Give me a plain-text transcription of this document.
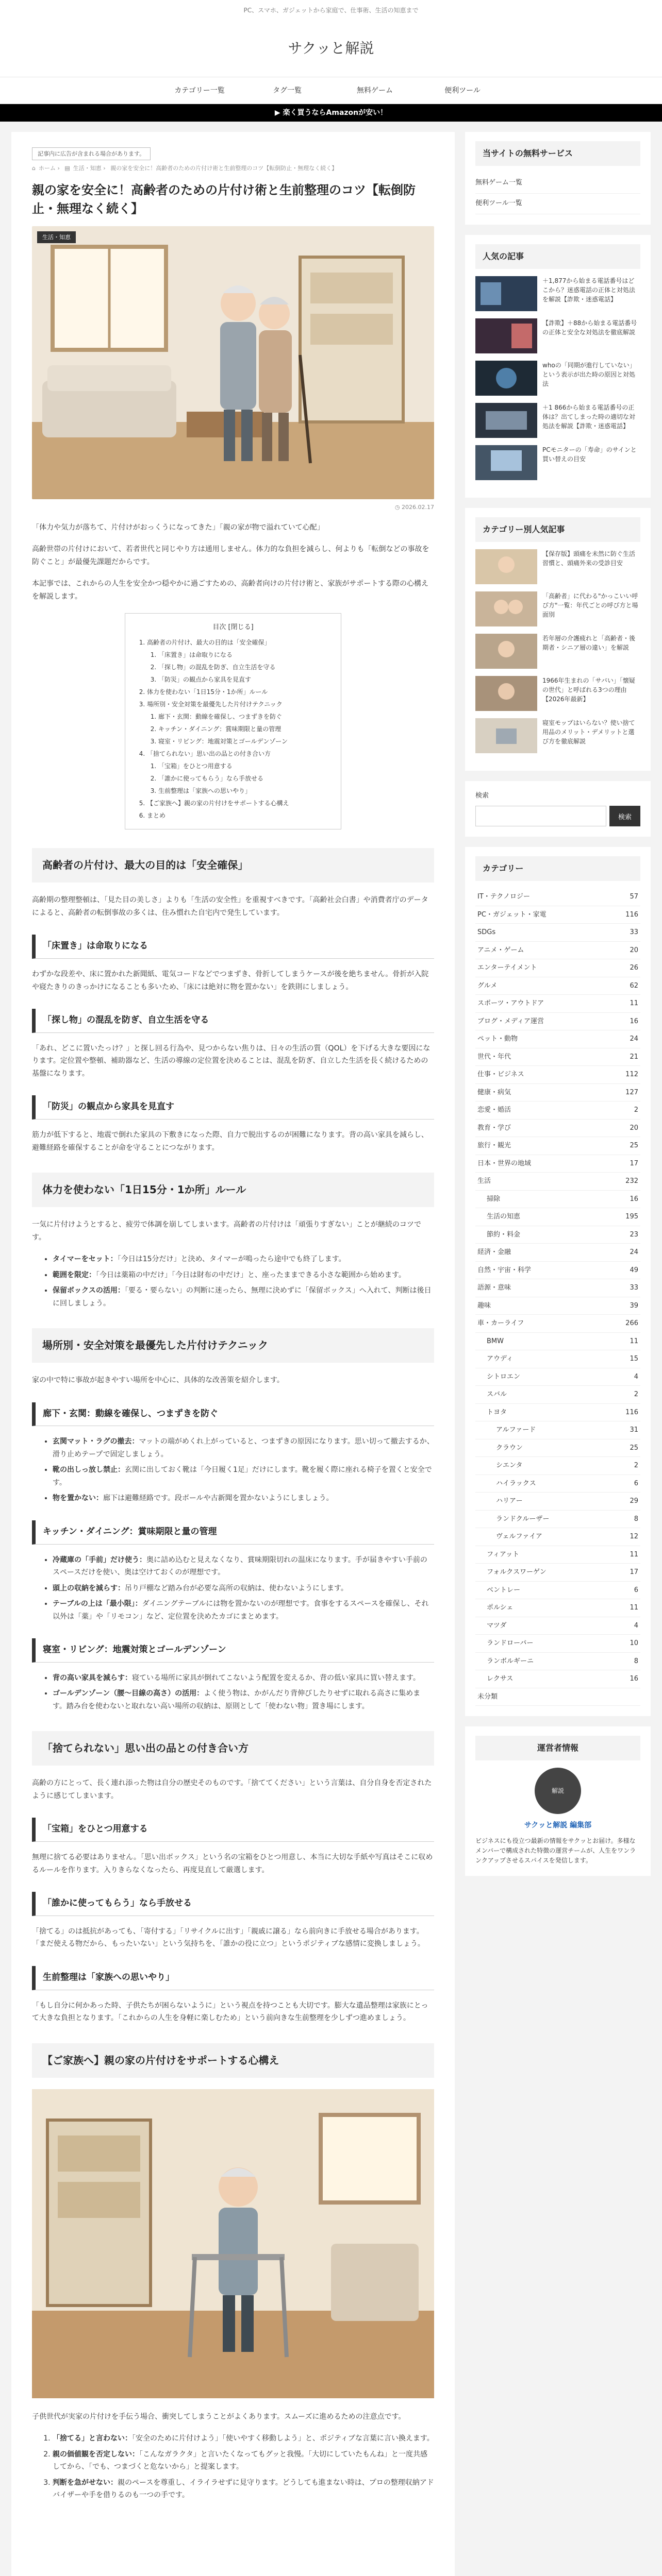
PC、スマホ、ガジェットから家庭で、仕事術、生活の知恵まで
サクッと解説
カテゴリー一覧	タグ一覧	無料ゲーム	便利ツール
▶ 楽く買うならAmazonが安い！
記事内に広告が含まれる場合があります。
⌂ ホーム › ▤ 生活・知恵 › 親の家を安全に！高齢者のための片付け術と生前整理のコツ【転倒防止・無理なく続く】
親の家を安全に！高齢者のための片付け術と生前整理のコツ【転倒防止・無理なく続く】
生活・知恵
◷ 2026.02.17

「体力や気力が落ちて、片付けがおっくうになってきた」「親の家が物で溢れていて心配」

高齢世帯の片付けにおいて、若者世代と同じやり方は通用しません。体力的な負担を減らし、何よりも「転倒などの事故を防ぐこと」が最優先課題だからです。

本記事では、これからの人生を安全かつ穏やかに過ごすための、高齢者向けの片付け術と、家族がサポートする際の心構えを解説します。

目次 [閉じる]
1. 高齢者の片付け、最大の目的は「安全確保」
1. 「床置き」は命取りになる
2. 「探し物」の混乱を防ぎ、自立生活を守る
3. 「防災」の観点から家具を見直す
2. 体力を使わない「1日15分・1か所」ルール
3. 場所別・安全対策を最優先した片付けテクニック
1. 廊下・玄関：動線を確保し、つまずきを防ぐ
2. キッチン・ダイニング：賞味期限と量の管理
3. 寝室・リビング：地震対策とゴールデンゾーン
4. 「捨てられない」思い出の品との付き合い方
1. 「宝箱」をひとつ用意する
2. 「誰かに使ってもらう」なら手放せる
3. 生前整理は「家族への思いやり」
5. 【ご家族へ】親の家の片付けをサポートする心構え
6. まとめ
高齢者の片付け、最大の目的は「安全確保」

高齢期の整理整頓は、「見た目の美しさ」よりも「生活の安全性」を重視すべきです。「高齢社会白書」や消費者庁のデータによると、高齢者の転倒事故の多くは、住み慣れた自宅内で発生しています。

「床置き」は命取りになる

わずかな段差や、床に置かれた新聞紙、電気コードなどでつまずき、骨折してしまうケースが後を絶ちません。骨折が入院や寝たきりのきっかけになることも多いため、「床には絶対に物を置かない」を鉄則にしましょう。

「探し物」の混乱を防ぎ、自立生活を守る

「あれ、どこに置いたっけ？」と探し回る行為や、見つからない焦りは、日々の生活の質（QOL）を下げる大きな要因になります。定位置や整頓、補助器など、生活の導線の定位置を決めることは、混乱を防ぎ、自立した生活を長く続けるための基盤になります。

「防災」の観点から家具を見直す

筋力が低下すると、地震で倒れた家具の下敷きになった際、自力で脱出するのが困難になります。背の高い家具を減らし、避難経路を確保することが命を守ることにつながります。

体力を使わない「1日15分・1か所」ルール

一気に片付けようとすると、疲労で体調を崩してしまいます。高齢者の片付けは「頑張りすぎない」ことが継続のコツです。

• タイマーをセット：「今日は15分だけ」と決め、タイマーが鳴ったら途中でも終了します。
• 範囲を限定：「今日は薬箱の中だけ」「今日は財布の中だけ」と、座ったままできる小さな範囲から始めます。
• 保留ボックスの活用：「要る・要らない」の判断に迷ったら、無理に決めずに「保留ボックス」へ入れて、判断は後日に回しましょう。
場所別・安全対策を最優先した片付けテクニック

家の中で特に事故が起きやすい場所を中心に、具体的な改善策を紹介します。

廊下・玄関：動線を確保し、つまずきを防ぐ
• 玄関マット・ラグの撤去：マットの端がめくれ上がっていると、つまずきの原因になります。思い切って撤去するか、滑り止めテープで固定しましょう。
• 靴の出しっ放し禁止：玄関に出しておく靴は「今日履く1足」だけにします。靴を履く際に座れる椅子を置くと安全です。
• 物を置かない：廊下は避難経路です。段ボールや古新聞を置かないようにしましょう。
キッチン・ダイニング：賞味期限と量の管理
• 冷蔵庫の「手前」だけ使う：奥に詰め込むと見えなくなり、賞味期限切れの温床になります。手が届きやすい手前のスペースだけを使い、奥は空けておくのが理想です。
• 頭上の収納を減らす：吊り戸棚など踏み台が必要な高所の収納は、使わないようにします。
• テーブルの上は「最小限」：ダイニングテーブルには物を置かないのが理想です。食事をするスペースを確保し、それ以外は「薬」や「リモコン」など、定位置を決めたカゴにまとめます。
寝室・リビング：地震対策とゴールデンゾーン
• 背の高い家具を減らす：寝ている場所に家具が倒れてこないよう配置を変えるか、背の低い家具に買い替えます。
• ゴールデンゾーン（腰〜目線の高さ）の活用：よく使う物は、かがんだり背伸びしたりせずに取れる高さに集めます。踏み台を使わないと取れない高い場所の収納は、原則として「使わない物」置き場にします。
「捨てられない」思い出の品との付き合い方

高齢の方にとって、長く連れ添った物は自分の歴史そのものです。「捨ててください」という言葉は、自分自身を否定されたように感じてしまいます。

「宝箱」をひとつ用意する

無理に捨てる必要はありません。「思い出ボックス」という名の宝箱をひとつ用意し、本当に大切な手紙や写真はそこに収めるルールを作ります。入りきらなくなったら、再度見直して厳選します。

「誰かに使ってもらう」なら手放せる

「捨てる」のは抵抗があっても、「寄付する」「リサイクルに出す」「親戚に譲る」なら前向きに手放せる場合があります。「まだ使える物だから、もったいない」という気持ちを、「誰かの役に立つ」というポジティブな感情に変換しましょう。

生前整理は「家族への思いやり」

「もし自分に何かあった時、子供たちが困らないように」という視点を持つことも大切です。膨大な遺品整理は家族にとって大きな負担となります。「これからの人生を身軽に楽しむため」という前向きな生前整理を少しずつ進めましょう。

【ご家族へ】親の家の片付けをサポートする心構え

子供世代が実家の片付けを手伝う場合、衝突してしまうことがよくあります。スムーズに進めるための注意点です。

1. 「捨てる」と言わない：「安全のために片付けよう」「使いやすく移動しよう」と、ポジティブな言葉に言い換えます。
2. 親の価値観を否定しない：「こんなガラクタ」と言いたくなってもグッと我慢。「大切にしていたもんね」と一度共感してから、「でも、つまづくと危ないから」と提案します。
3. 判断を急がせない：親のペースを尊重し、イライラせずに見守ります。どうしても進まない時は、プロの整理収納アドバイザーや手を借りるのも一つの手です。
当サイトの無料サービス
無料ゲーム一覧
便利ツール一覧
人気の記事
＋1,877から始まる電話番号はどこから？迷惑電話の正体と対処法を解説【詐欺・迷惑電話】
【詐欺】＋88から始まる電話番号の正体と安全な対処法を徹底解説
whoの「同期が進行していない」という表示が出た時の原因と対処法
＋1 866から始まる電話番号の正体は？出てしまった時の適切な対処法を解説【詐欺・迷惑電話】
PCモニターの「寿命」のサインと買い替えの目安
カテゴリー別人気記事
【保存版】頭痛を未然に防ぐ生活習慣と、頭痛外来の受診目安
「高齢者」に代わる"かっこいい呼び方"一覧：年代ごとの呼び方と場面別
若年層の介護疲れと「高齢者・後期者・シニア層の違い」を解説
1966年生まれの「サバい」「懐疑の世代」と呼ばれる3つの理由【2026年最新】
寝室モップはいらない？使い捨て用品のメリット・デメリットと選び方を徹底解説
検索
検索
カテゴリー
IT・テクノロジー	57
PC・ガジェット・家電	116
SDGs	33
アニメ・ゲーム	20
エンターテイメント	26
グルメ	62
スポーツ・アウトドア	11
ブログ・メディア運営	16
ペット・動物	24
世代・年代	21
仕事・ビジネス	112
健康・病気	127
恋愛・婚活	2
教育・学び	20
旅行・観光	25
日本・世界の地域	17
生活	232
掃除	16
生活の知恵	195
節約・料金	23
経済・金融	24
自然・宇宙・科学	49
語源・意味	33
趣味	39
車・カーライフ	266
BMW	11
アウディ	15
シトロエン	4
スバル	2
トヨタ	116
アルファード	31
クラウン	25
シエンタ	2
ハイラックス	6
ハリアー	29
ランドクルーザー	8
ヴェルファイア	12
フィアット	11
フォルクスワーゲン	17
ベントレー	6
ポルシェ	11
マツダ	4
ランドローバー	10
ランボルギーニ	8
レクサス	16
未分類
運営者情報
解説
サクッと解説 編集部
ビジネスにも役立つ最新の情報をサクッとお届け。多様なメンバーで構成された特徴の運営チームが、人生をワンランクアップさせるスパイスを発信します。
